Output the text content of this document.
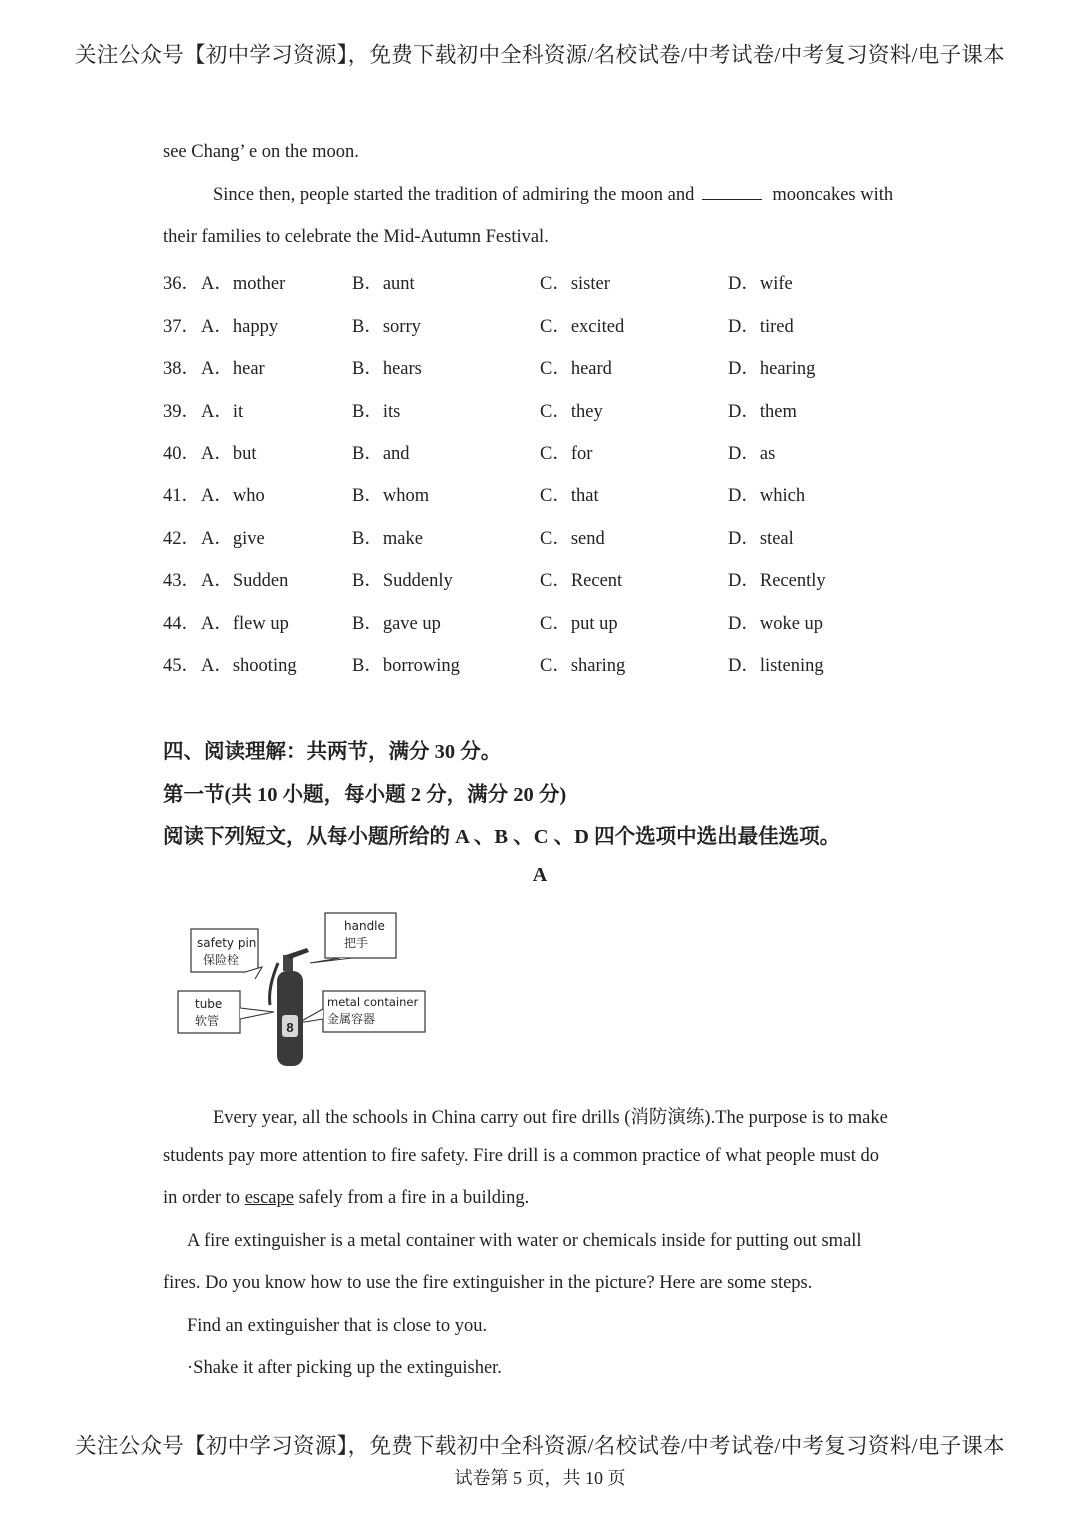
关注公众号【初中学习资源】，免费下载初中全科资源/名校试卷/中考试卷/中考复习资料/电子课本
see Chang’ e on the moon.
Since then, people started the tradition of admiring the moon and	mooncakes with
their families to celebrate the Mid-Autumn Festival.
36． A．mother	B．aunt	C．sister	D．wife
37． A．happy	B．sorry	C．excited	D．tired
38． A．hear	B．hears	C．heard	D．hearing
39． A．it	B．its	C．they	D．them
40． A．but	B．and	C．for	D．as
41． A．who	B．whom	C．that	D．which
42． A．give	B．make	C．send	D．steal
43． A．Sudden	B．Suddenly	C．Recent	D．Recently
44． A．flew up	B．gave up	C．put up	D．woke up
45． A．shooting	B．borrowing	C．sharing	D．listening
四、阅读理解：共两节，满分 30 分。
第一节(共 10 小题，每小题 2 分，满分 20 分)
阅读下列短文，从每小题所给的 A 、B 、C 、D 四个选项中选出最佳选项。
A
8
safety pin
保险栓
handle
把手
tube
软管
metal container
金属容器
Every year, all the schools in China carry out fire drills (消防演练).The purpose is to make
students pay more attention to fire safety. Fire drill is a common practice of what people must do
in order to escape safely from a fire in a building.
A fire extinguisher is a metal container with water or chemicals inside for putting out small
fires. Do you know how to use the fire extinguisher in the picture? Here are some steps.
Find an extinguisher that is close to you.
·Shake it after picking up the extinguisher.
关注公众号【初中学习资源】，免费下载初中全科资源/名校试卷/中考试卷/中考复习资料/电子课本
试卷第 5 页，共 10 页
